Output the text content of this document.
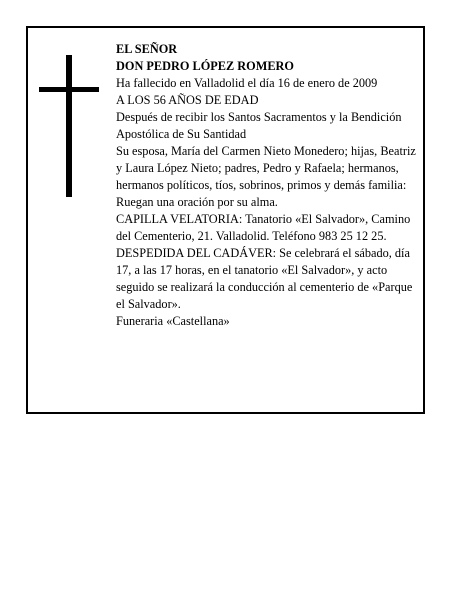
EL SEÑOR

DON PEDRO LÓPEZ ROMERO

Ha fallecido en Valladolid el día 16 de enero de 2009

A LOS 56 AÑOS DE EDAD

Después de recibir los Santos Sacramentos y la Bendición Apostólica de Su Santidad

Su esposa, María del Carmen Nieto Monedero; hijas, Beatriz y Laura López Nieto; padres, Pedro y Rafaela; hermanos, hermanos políticos, tíos, sobrinos, primos y demás familia:

Ruegan una oración por su alma.

CAPILLA VELATORIA: Tanatorio «El Salvador», Camino del Cementerio, 21. Valladolid. Teléfono 983 25 12 25.

DESPEDIDA DEL CADÁVER: Se celebrará el sábado, día 17, a las 17 horas, en el tanatorio «El Salvador», y acto seguido se realizará la conducción al cementerio de «Parque el Salvador».

Funeraria «Castellana»
